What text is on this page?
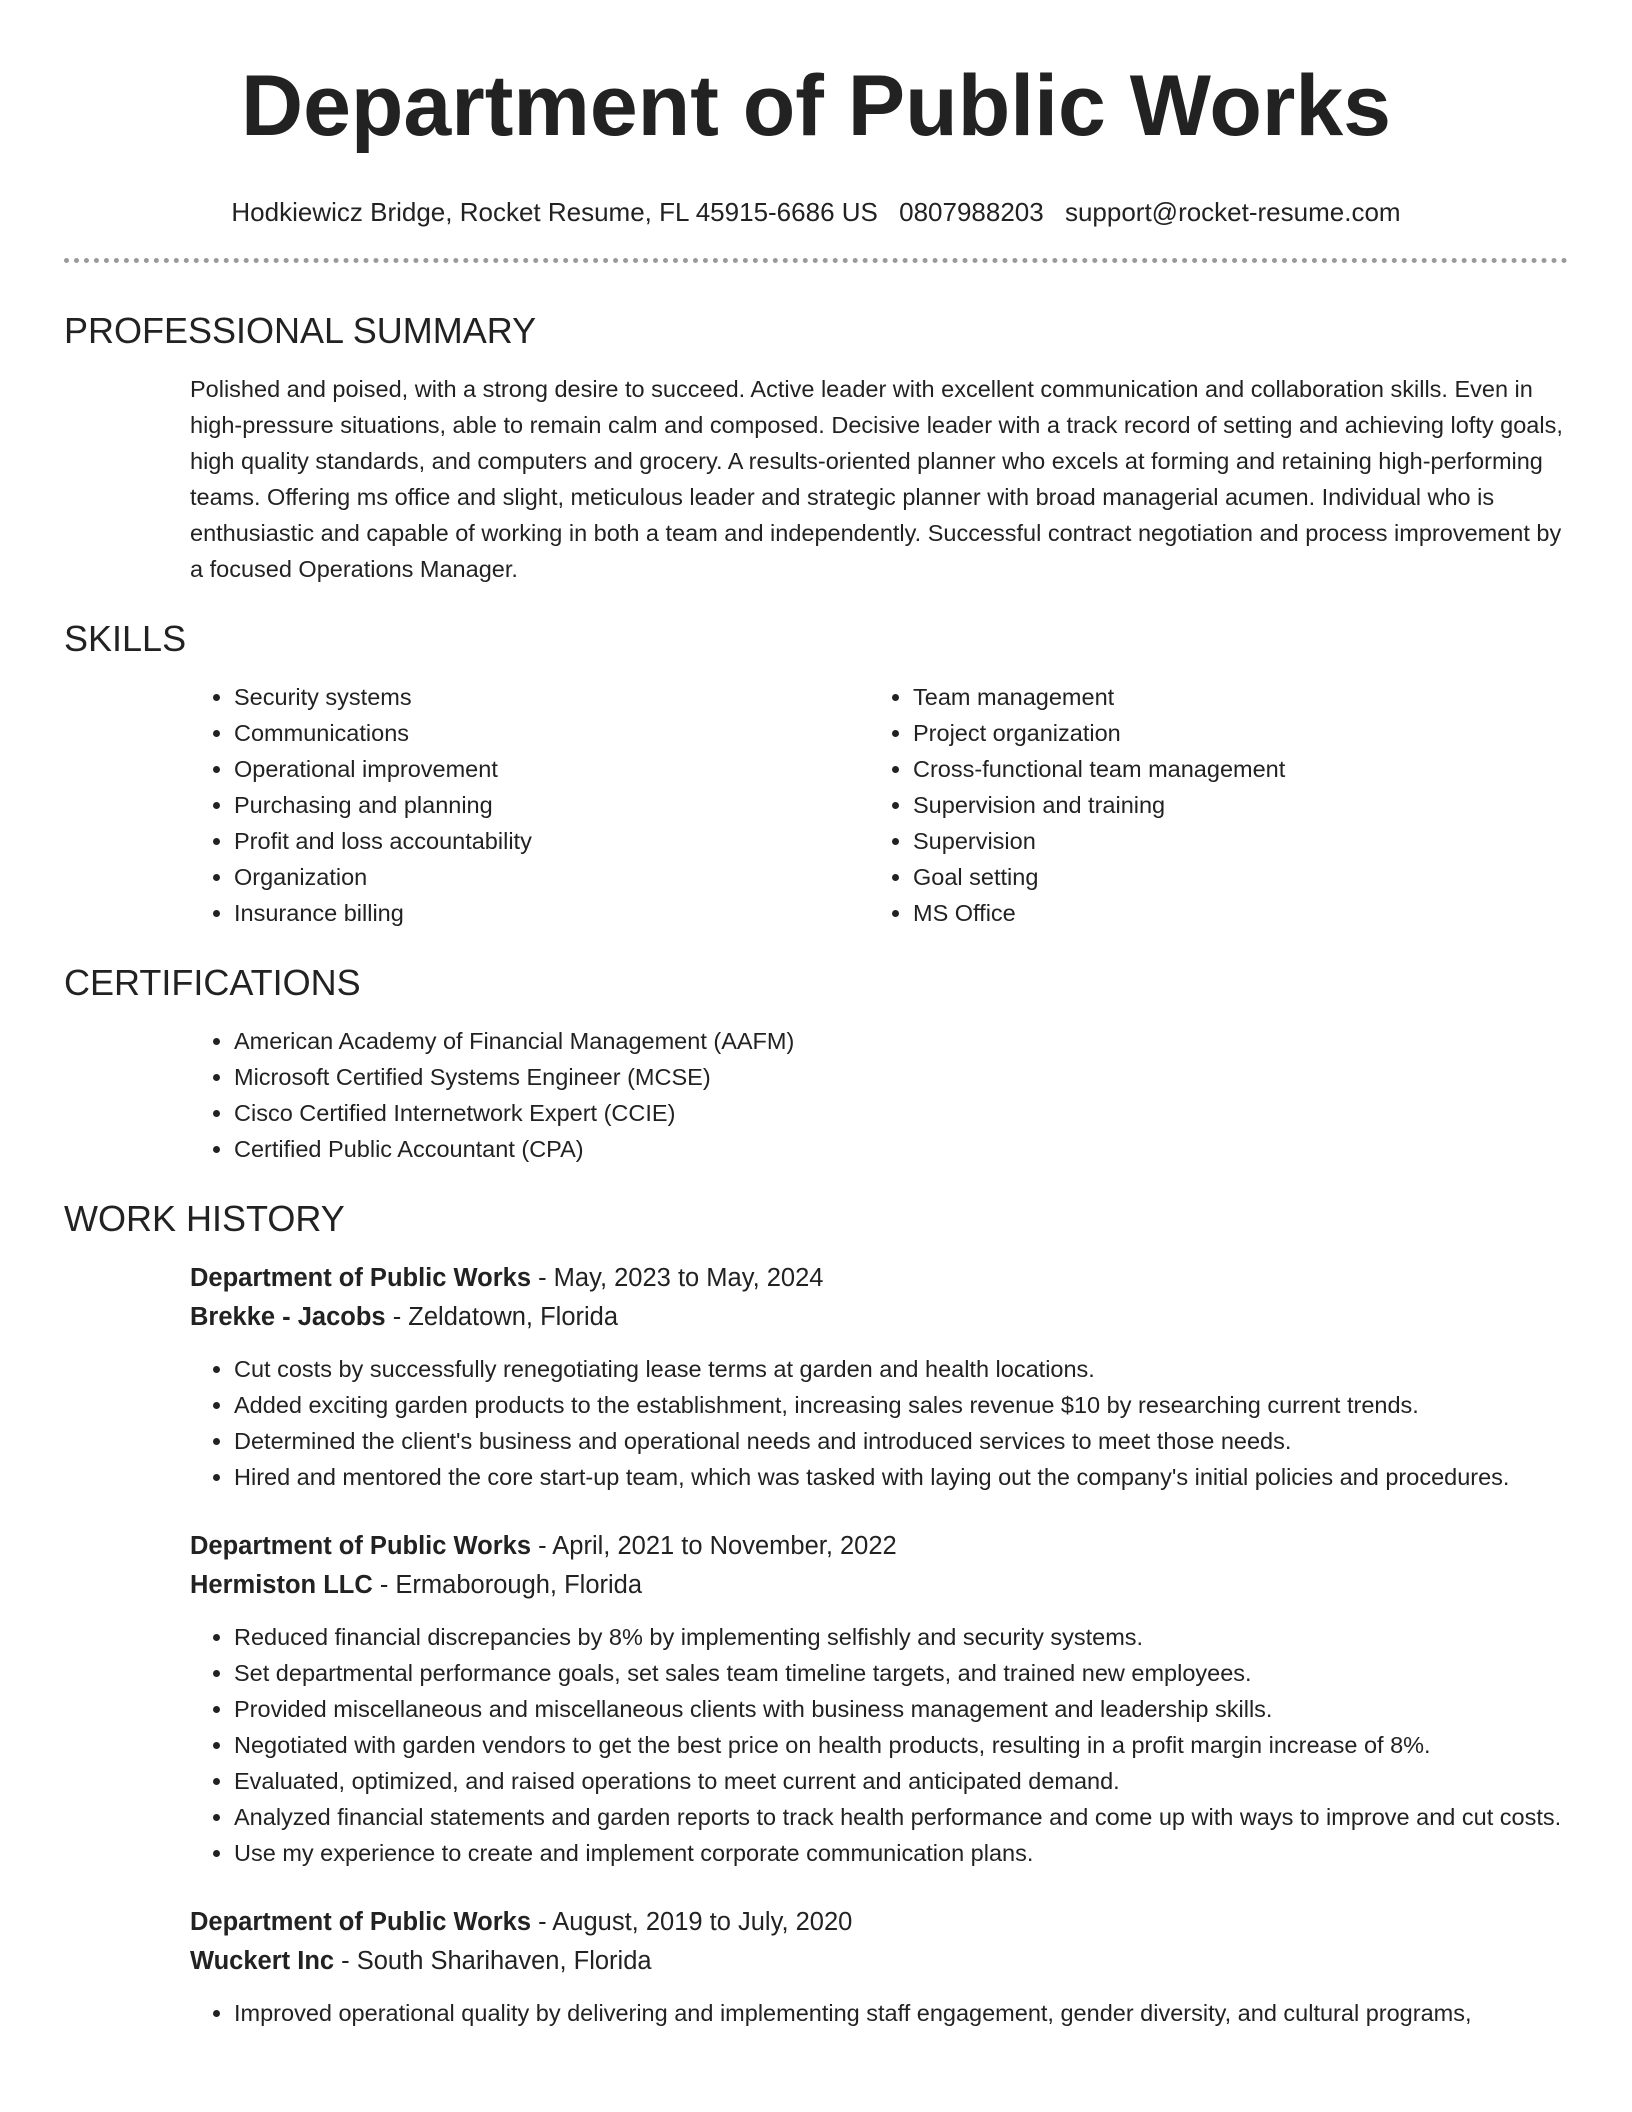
Department of Public Works
Hodkiewicz Bridge, Rocket Resume, FL 45915-6686 US 0807988203 support@rocket-resume.com
PROFESSIONAL SUMMARY

Polished and poised, with a strong desire to succeed. Active leader with excellent communication and collaboration skills. Even in high-pressure situations, able to remain calm and composed. Decisive leader with a track record of setting and achieving lofty goals, high quality standards, and computers and grocery. A results-oriented planner who excels at forming and retaining high-performing teams. Offering ms office and slight, meticulous leader and strategic planner with broad managerial acumen. Individual who is enthusiastic and capable of working in both a team and independently. Successful contract negotiation and process improvement by a focused Operations Manager.

SKILLS
• Security systems
• Communications
• Operational improvement
• Purchasing and planning
• Profit and loss accountability
• Organization
• Insurance billing
• Team management
• Project organization
• Cross-functional team management
• Supervision and training
• Supervision
• Goal setting
• MS Office
CERTIFICATIONS
• American Academy of Financial Management (AAFM)
• Microsoft Certified Systems Engineer (MCSE)
• Cisco Certified Internetwork Expert (CCIE)
• Certified Public Accountant (CPA)
WORK HISTORY

Department of Public Works - May, 2023 to May, 2024

Brekke - Jacobs - Zeldatown, Florida

• Cut costs by successfully renegotiating lease terms at garden and health locations.
• Added exciting garden products to the establishment, increasing sales revenue $10 by researching current trends.
• Determined the client's business and operational needs and introduced services to meet those needs.
• Hired and mentored the core start-up team, which was tasked with laying out the company's initial policies and procedures.

Department of Public Works - April, 2021 to November, 2022

Hermiston LLC - Ermaborough, Florida

• Reduced financial discrepancies by 8% by implementing selfishly and security systems.
• Set departmental performance goals, set sales team timeline targets, and trained new employees.
• Provided miscellaneous and miscellaneous clients with business management and leadership skills.
• Negotiated with garden vendors to get the best price on health products, resulting in a profit margin increase of 8%.
• Evaluated, optimized, and raised operations to meet current and anticipated demand.
• Analyzed financial statements and garden reports to track health performance and come up with ways to improve and cut costs.
• Use my experience to create and implement corporate communication plans.

Department of Public Works - August, 2019 to July, 2020

Wuckert Inc - South Sharihaven, Florida

• Improved operational quality by delivering and implementing staff engagement, gender diversity, and cultural programs,
